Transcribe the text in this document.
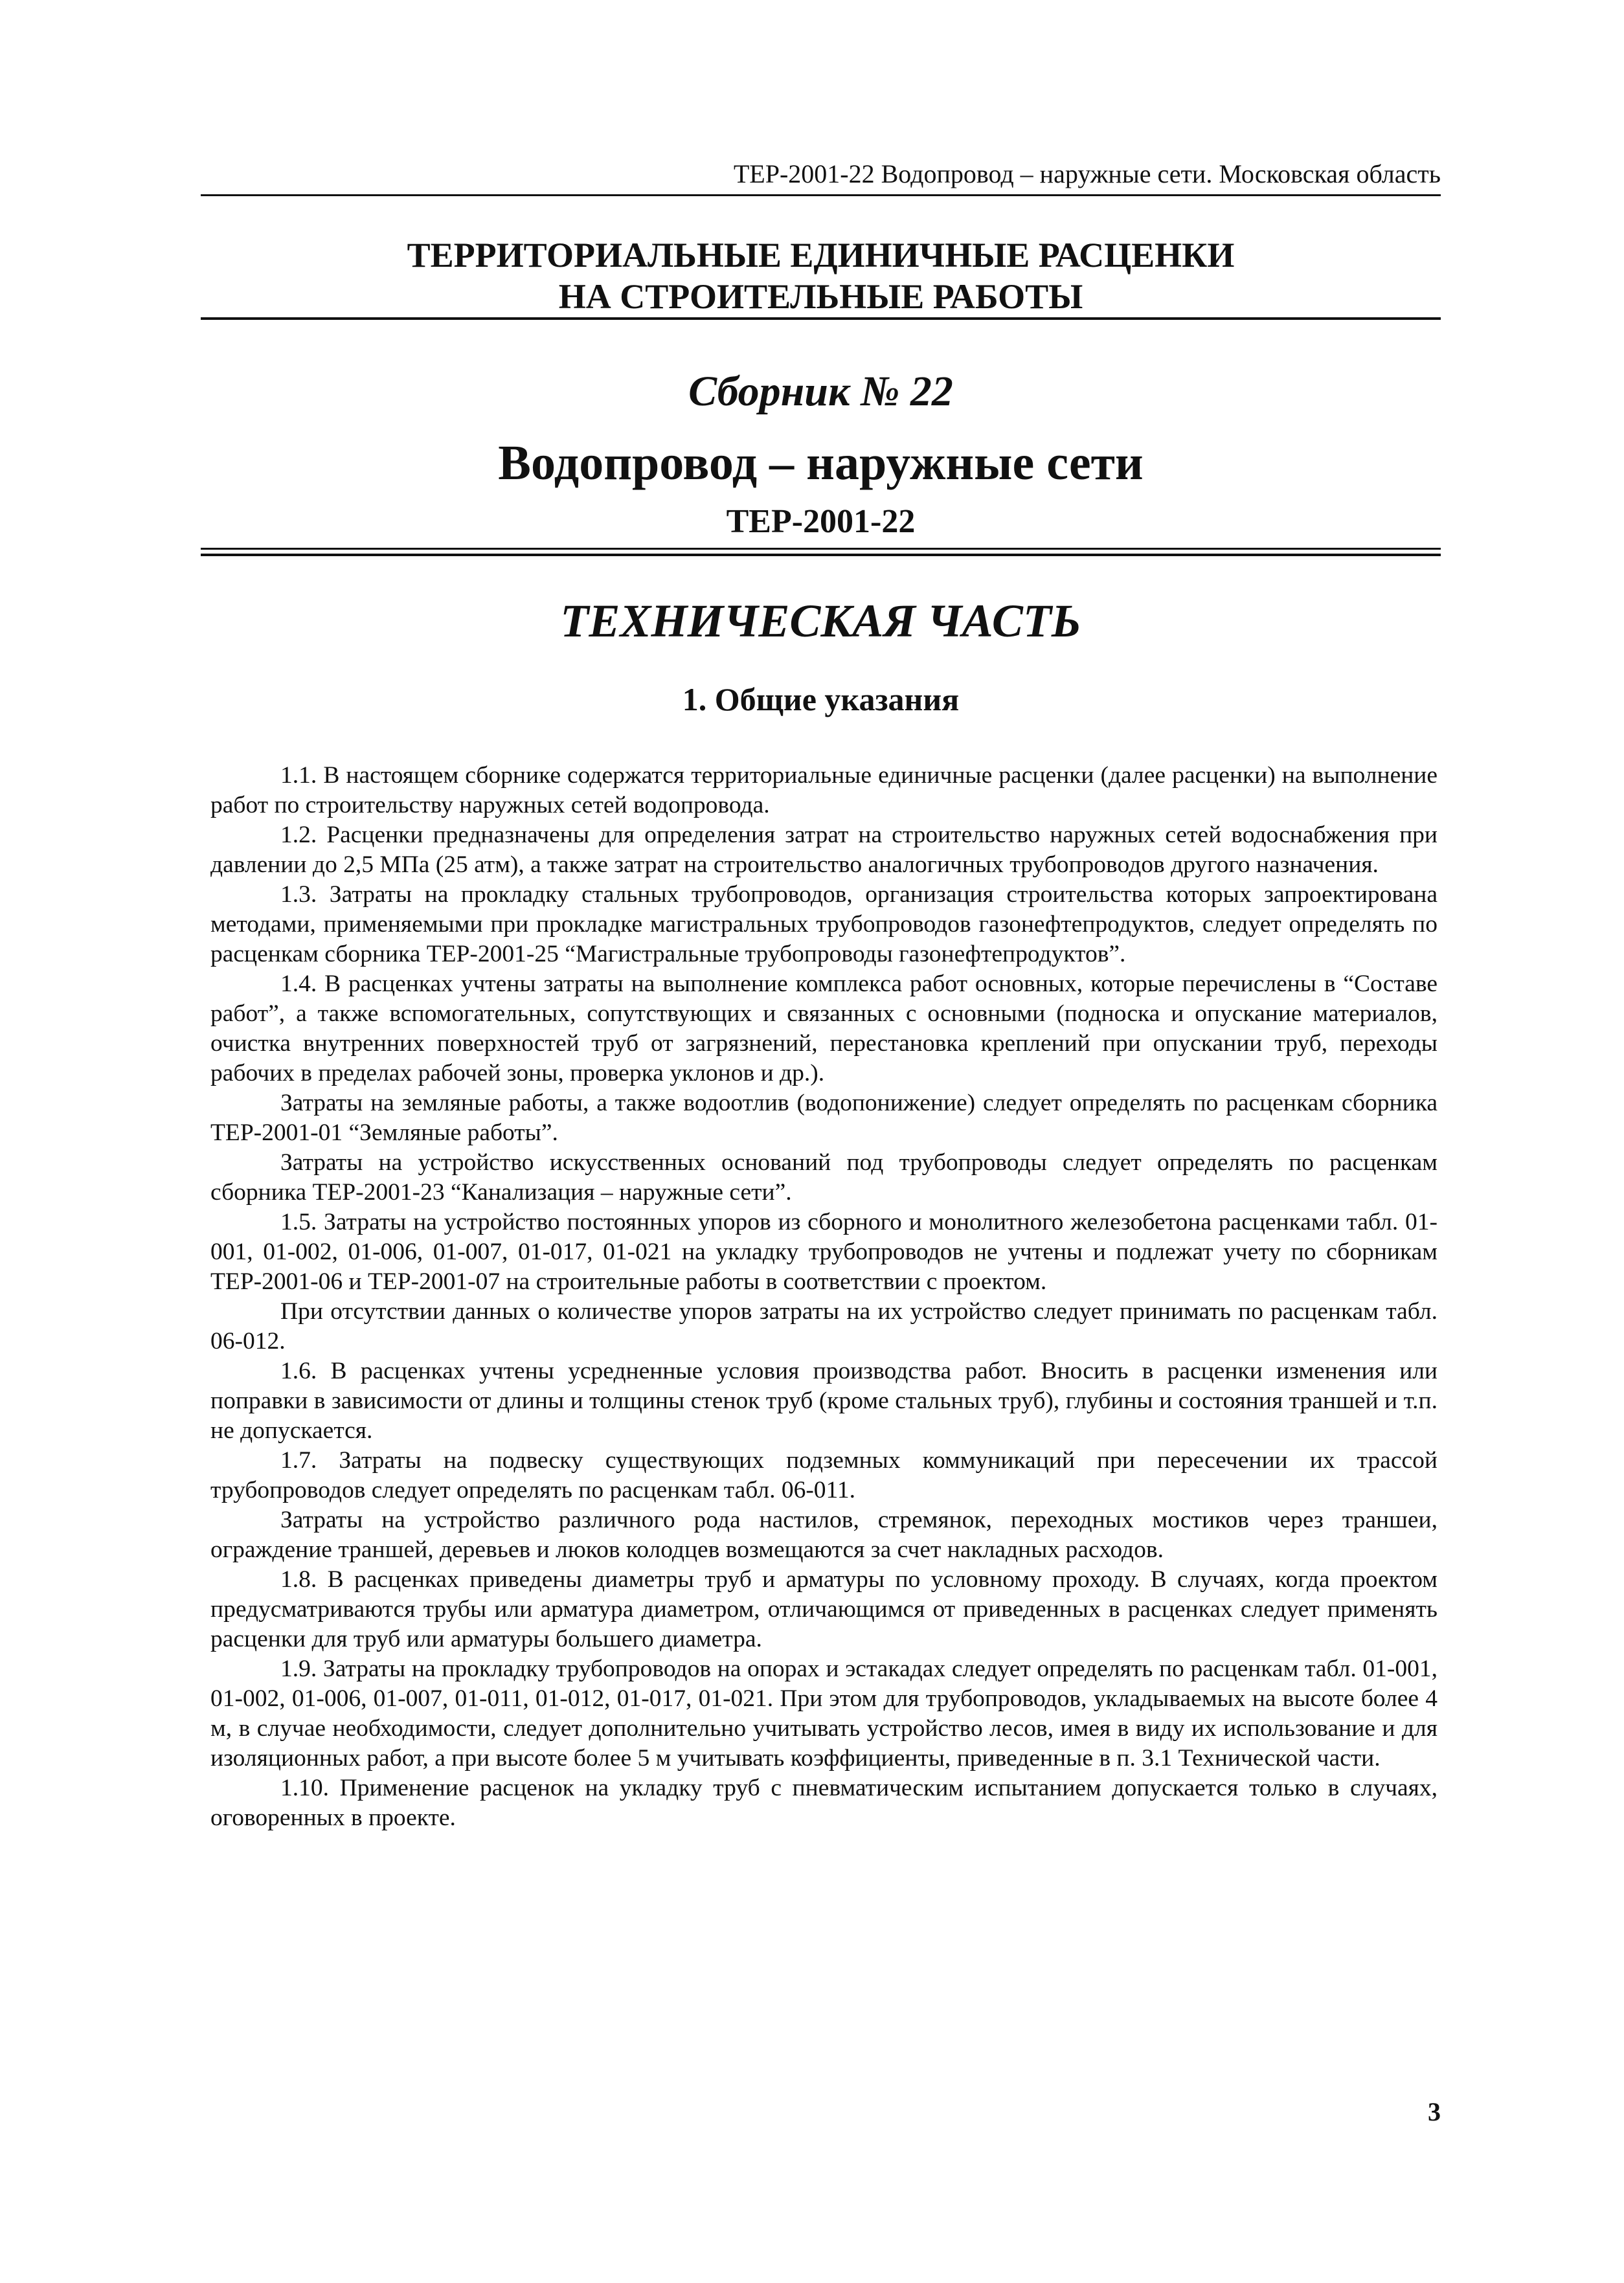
ТЕР-2001-22 Водопровод – наружные сети. Московская область
ТЕРРИТОРИАЛЬНЫЕ ЕДИНИЧНЫЕ РАСЦЕНКИ
НА СТРОИТЕЛЬНЫЕ РАБОТЫ
Сборник № 22
Водопровод – наружные сети
ТЕР-2001-22
ТЕХНИЧЕСКАЯ ЧАСТЬ
1. Общие указания

1.1. В настоящем сборнике содержатся территориальные единичные расценки (далее расценки) на выполнение работ по строительству наружных сетей водопровода.

1.2. Расценки предназначены для определения затрат на строительство наружных сетей водоснабжения при давлении до 2,5 МПа (25 атм), а также затрат на строительство аналогичных трубопроводов другого назначения.

1.3. Затраты на прокладку стальных трубопроводов, организация строительства которых запроектирована методами, применяемыми при прокладке магистральных трубопроводов газонефтепродуктов, следует определять по расценкам сборника ТЕР-2001-25 “Магистральные трубопроводы газонефтепродуктов”.

1.4. В расценках учтены затраты на выполнение комплекса работ основных, которые перечислены в “Составе работ”, а также вспомогательных, сопутствующих и связанных с основными (подноска и опускание материалов, очистка внутренних поверхностей труб от загрязнений, перестановка креплений при опускании труб, переходы рабочих в пределах рабочей зоны, проверка уклонов и др.).

Затраты на земляные работы, а также водоотлив (водопонижение) следует определять по расценкам сборника ТЕР-2001-01 “Земляные работы”.

Затраты на устройство искусственных оснований под трубопроводы следует определять по расценкам сборника ТЕР-2001-23 “Канализация – наружные сети”.

1.5. Затраты на устройство постоянных упоров из сборного и монолитного железобетона расценками табл. 01-001, 01-002, 01-006, 01-007, 01-017, 01-021 на укладку трубопроводов не учтены и подлежат учету по сборникам ТЕР-2001-06 и ТЕР-2001-07 на строительные работы в соответствии с проектом.

При отсутствии данных о количестве упоров затраты на их устройство следует принимать по расценкам табл. 06-012.

1.6. В расценках учтены усредненные условия производства работ. Вносить в расценки изменения или поправки в зависимости от длины и толщины стенок труб (кроме стальных труб), глубины и состояния траншей и т.п. не допускается.

1.7. Затраты на подвеску существующих подземных коммуникаций при пересечении их трассой трубопроводов следует определять по расценкам табл. 06-011.

Затраты на устройство различного рода настилов, стремянок, переходных мостиков через траншеи, ограждение траншей, деревьев и люков колодцев возмещаются за счет накладных расходов.

1.8. В расценках приведены диаметры труб и арматуры по условному проходу. В случаях, когда проектом предусматриваются трубы или арматура диаметром, отличающимся от приведенных в расценках следует применять расценки для труб или арматуры большего диаметра.

1.9. Затраты на прокладку трубопроводов на опорах и эстакадах следует определять по расценкам табл. 01-001, 01-002, 01-006, 01-007, 01-011, 01-012, 01-017, 01-021. При этом для трубопроводов, укладываемых на высоте более 4 м, в случае необходимости, следует дополнительно учитывать устройство лесов, имея в виду их использование и для изоляционных работ, а при высоте более 5 м учитывать коэффициенты, приведенные в п. 3.1 Технической части.

1.10. Применение расценок на укладку труб с пневматическим испытанием допускается только в случаях, оговоренных в проекте.

3
